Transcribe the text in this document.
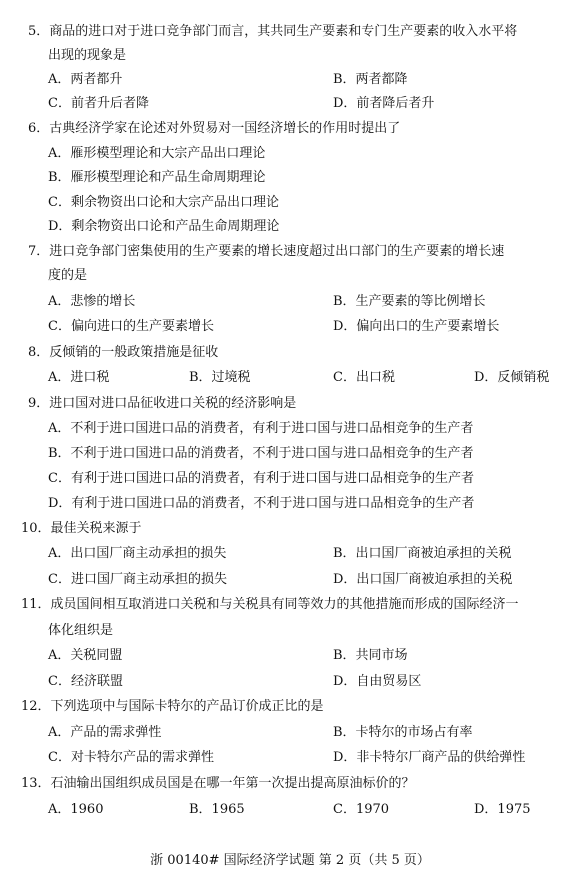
5．商品的进口对于进口竞争部门而言，其共同生产要素和专门生产要素的收入水平将
出现的现象是
A．两者都升	B．两者都降
C．前者升后者降	D．前者降后者升
6．古典经济学家在论述对外贸易对一国经济增长的作用时提出了
A．雁形模型理论和大宗产品出口理论
B．雁形模型理论和产品生命周期理论
C．剩余物资出口论和大宗产品出口理论
D．剩余物资出口论和产品生命周期理论
7．进口竞争部门密集使用的生产要素的增长速度超过出口部门的生产要素的增长速
度的是
A．悲惨的增长	B．生产要素的等比例增长
C．偏向进口的生产要素增长	D．偏向出口的生产要素增长
8．反倾销的一般政策措施是征收
A．进口税	B．过境税	C．出口税	D．反倾销税
9．进口国对进口品征收进口关税的经济影响是
A．不利于进口国进口品的消费者，有利于进口国与进口品相竞争的生产者
B．不利于进口国进口品的消费者，不利于进口国与进口品相竞争的生产者
C．有利于进口国进口品的消费者，有利于进口国与进口品相竞争的生产者
D．有利于进口国进口品的消费者，不利于进口国与进口品相竞争的生产者
10．最佳关税来源于
A．出口国厂商主动承担的损失	B．出口国厂商被迫承担的关税
C．进口国厂商主动承担的损失	D．出口国厂商被迫承担的关税
11．成员国间相互取消进口关税和与关税具有同等效力的其他措施而形成的国际经济一
体化组织是
A．关税同盟	B．共同市场
C．经济联盟	D．自由贸易区
12．下列选项中与国际卡特尔的产品订价成正比的是
A．产品的需求弹性	B．卡特尔的市场占有率
C．对卡特尔产品的需求弹性	D．非卡特尔厂商产品的供给弹性
13．石油输出国组织成员国是在哪一年第一次提出提高原油标价的？
A．1960	B．1965	C．1970	D．1975
浙 00140# 国际经济学试题 第 2 页（共 5 页）
